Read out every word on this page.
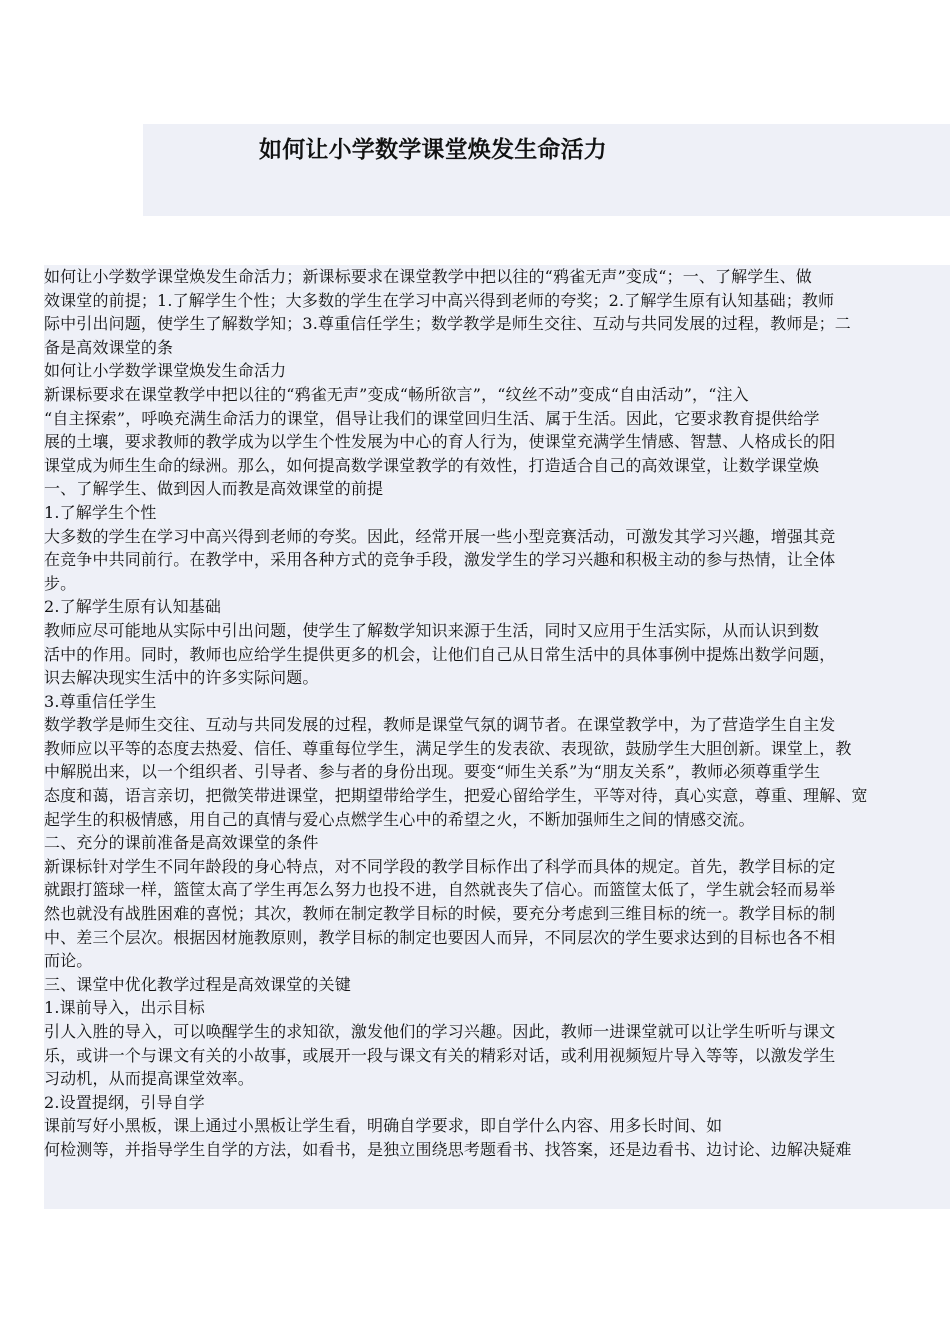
如何让小学数学课堂焕发生命活力
如何让小学数学课堂焕发生命活力；新课标要求在课堂教学中把以往的“鸦雀无声”变成“；一、了解学生、做
效课堂的前提；1.了解学生个性；大多数的学生在学习中高兴得到老师的夸奖；2.了解学生原有认知基础；教师
际中引出问题，使学生了解数学知；3.尊重信任学生；数学教学是师生交往、互动与共同发展的过程，教师是；二
备是高效课堂的条
如何让小学数学课堂焕发生命活力
新课标要求在课堂教学中把以往的“鸦雀无声”变成“畅所欲言”，“纹丝不动”变成“自由活动”，“注入
“自主探索”，呼唤充满生命活力的课堂，倡导让我们的课堂回归生活、属于生活。因此，它要求教育提供给学
展的土壤，要求教师的教学成为以学生个性发展为中心的育人行为，使课堂充满学生情感、智慧、人格成长的阳
课堂成为师生生命的绿洲。那么，如何提高数学课堂教学的有效性，打造适合自己的高效课堂，让数学课堂焕
一、了解学生、做到因人而教是高效课堂的前提
1.了解学生个性
大多数的学生在学习中高兴得到老师的夸奖。因此，经常开展一些小型竞赛活动，可激发其学习兴趣，增强其竞
在竞争中共同前行。在教学中，采用各种方式的竞争手段，激发学生的学习兴趣和积极主动的参与热情，让全体
步。
2.了解学生原有认知基础
教师应尽可能地从实际中引出问题，使学生了解数学知识来源于生活，同时又应用于生活实际，从而认识到数
活中的作用。同时，教师也应给学生提供更多的机会，让他们自己从日常生活中的具体事例中提炼出数学问题，
识去解决现实生活中的许多实际问题。
3.尊重信任学生
数学教学是师生交往、互动与共同发展的过程，教师是课堂气氛的调节者。在课堂教学中，为了营造学生自主发
教师应以平等的态度去热爱、信任、尊重每位学生，满足学生的发表欲、表现欲，鼓励学生大胆创新。课堂上，教
中解脱出来，以一个组织者、引导者、参与者的身份出现。要变“师生关系”为“朋友关系”，教师必须尊重学生
态度和蔼，语言亲切，把微笑带进课堂，把期望带给学生，把爱心留给学生，平等对待，真心实意，尊重、理解、宽
起学生的积极情感，用自己的真情与爱心点燃学生心中的希望之火，不断加强师生之间的情感交流。
二、充分的课前准备是高效课堂的条件
新课标针对学生不同年龄段的身心特点，对不同学段的教学目标作出了科学而具体的规定。首先，教学目标的定
就跟打篮球一样，篮筐太高了学生再怎么努力也投不进，自然就丧失了信心。而篮筐太低了，学生就会轻而易举
然也就没有战胜困难的喜悦；其次，教师在制定教学目标的时候，要充分考虑到三维目标的统一。教学目标的制
中、差三个层次。根据因材施教原则，教学目标的制定也要因人而异，不同层次的学生要求达到的目标也各不相
而论。
三、课堂中优化教学过程是高效课堂的关键
1.课前导入，出示目标
引人入胜的导入，可以唤醒学生的求知欲，激发他们的学习兴趣。因此，教师一进课堂就可以让学生听听与课文
乐，或讲一个与课文有关的小故事，或展开一段与课文有关的精彩对话，或利用视频短片导入等等，以激发学生
习动机，从而提高课堂效率。
2.设置提纲，引导自学
课前写好小黑板，课上通过小黑板让学生看，明确自学要求，即自学什么内容、用多长时间、如
何检测等，并指导学生自学的方法，如看书，是独立围绕思考题看书、找答案，还是边看书、边讨论、边解决疑难
